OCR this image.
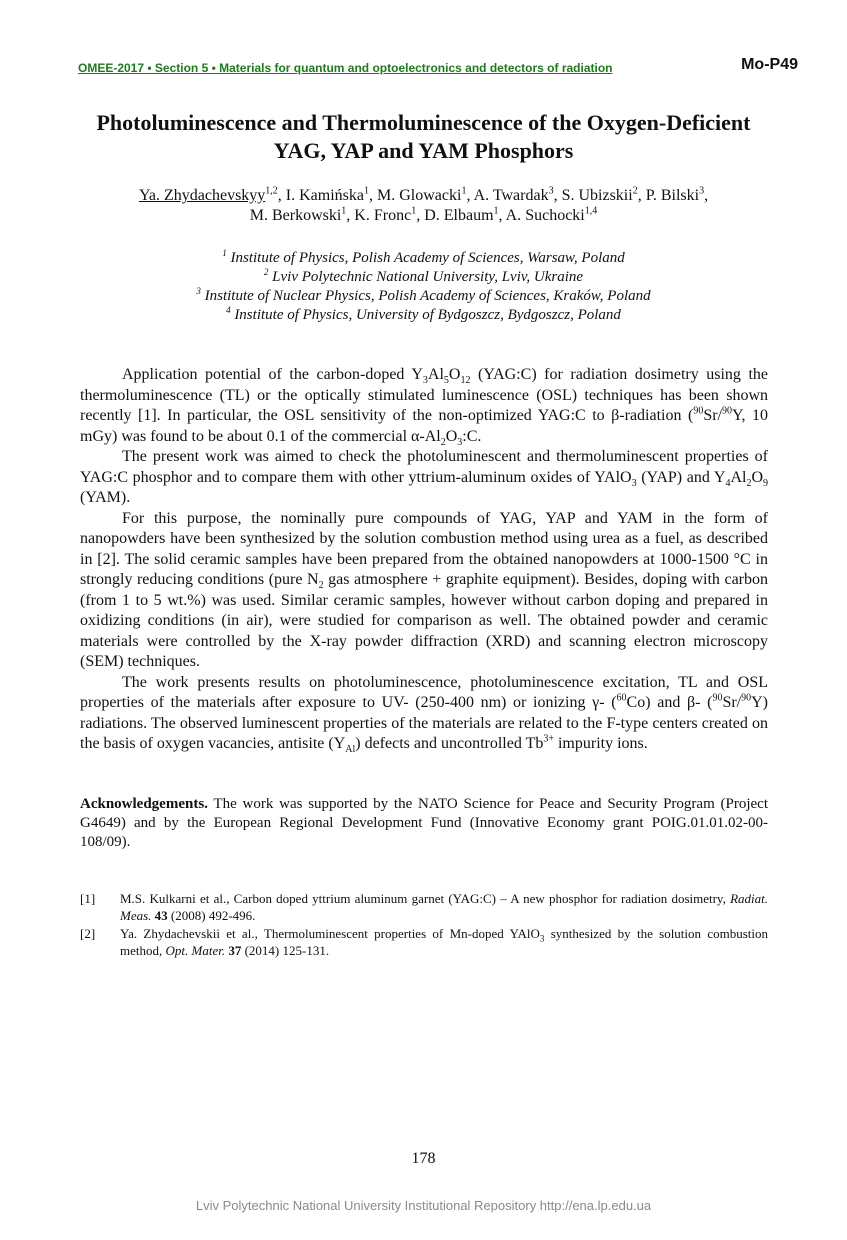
OMEE-2017 • Section 5 • Materials for quantum and optoelectronics and detectors of radiation	Mo-P49
Photoluminescence and Thermoluminescence of the Oxygen-Deficient YAG, YAP and YAM Phosphors
Ya. Zhydachevskyy$^{1,2}$, I. Kamińska$^1$, M. Glowacki$^1$, A. Twardak$^3$, S. Ubizskii$^2$, P. Bilski$^3$,
M. Berkowski$^1$, K. Fronc$^1$, D. Elbaum$^1$, A. Suchocki$^{1,4}$
$^1$ Institute of Physics, Polish Academy of Sciences, Warsaw, Poland
$^2$ Lviv Polytechnic National University, Lviv, Ukraine
$^3$ Institute of Nuclear Physics, Polish Academy of Sciences, Kraków, Poland
$^4$ Institute of Physics, University of Bydgoszcz, Bydgoszcz, Poland

Application potential of the carbon-doped $Y_3Al_5O_{12}$ (YAG:C) for radiation dosimetry using the thermoluminescence (TL) or the optically stimulated luminescence (OSL) techniques has been shown recently [1]. In particular, the OSL sensitivity of the non-optimized YAG:C to β-radiation ($^{90}$Sr/$^{90}$Y, 10 mGy) was found to be about 0.1 of the commercial $\alpha-Al_2O_3:C$.

The present work was aimed to check the photoluminescent and thermoluminescent properties of YAG:C phosphor and to compare them with other yttrium-aluminum oxides of YAlO$_3$ (YAP) and $Y_4Al_2O_9$ (YAM).

For this purpose, the nominally pure compounds of YAG, YAP and YAM in the form of nanopowders have been synthesized by the solution combustion method using urea as a fuel, as described in [2]. The solid ceramic samples have been prepared from the obtained nanopowders at 1000-1500 °C in strongly reducing conditions (pure $N_2$ gas atmosphere + graphite equipment). Besides, doping with carbon (from 1 to 5 wt.%) was used. Similar ceramic samples, however without carbon doping and prepared in oxidizing conditions (in air), were studied for comparison as well. The obtained powder and ceramic materials were controlled by the X-ray powder diffraction (XRD) and scanning electron microscopy (SEM) techniques.

The work presents results on photoluminescence, photoluminescence excitation, TL and OSL properties of the materials after exposure to UV- (250-400 nm) or ionizing γ- ($^{60}$Co) and β- ($^{90}$Sr/$^{90}$Y) radiations. The observed luminescent properties of the materials are related to the F-type centers created on the basis of oxygen vacancies, antisite $(Y_{Al})$ defects and uncontrolled $Tb^{3+}$ impurity ions.

Acknowledgements. The work was supported by the NATO Science for Peace and Security Program (Project G4649) and by the European Regional Development Fund (Innovative Economy grant POIG.01.01.02-00-108/09).
[1]	M.S. Kulkarni et al., Carbon doped yttrium aluminum garnet (YAG:C) – A new phosphor for radiation dosimetry, Radiat. Meas. 43 (2008) 492-496.
[2]	Ya. Zhydachevskii et al., Thermoluminescent properties of Mn-doped YAlO$_3$ synthesized by the solution combustion method, Opt. Mater. 37 (2014) 125-131.
178
Lviv Polytechnic National University Institutional Repository http://ena.lp.edu.ua
